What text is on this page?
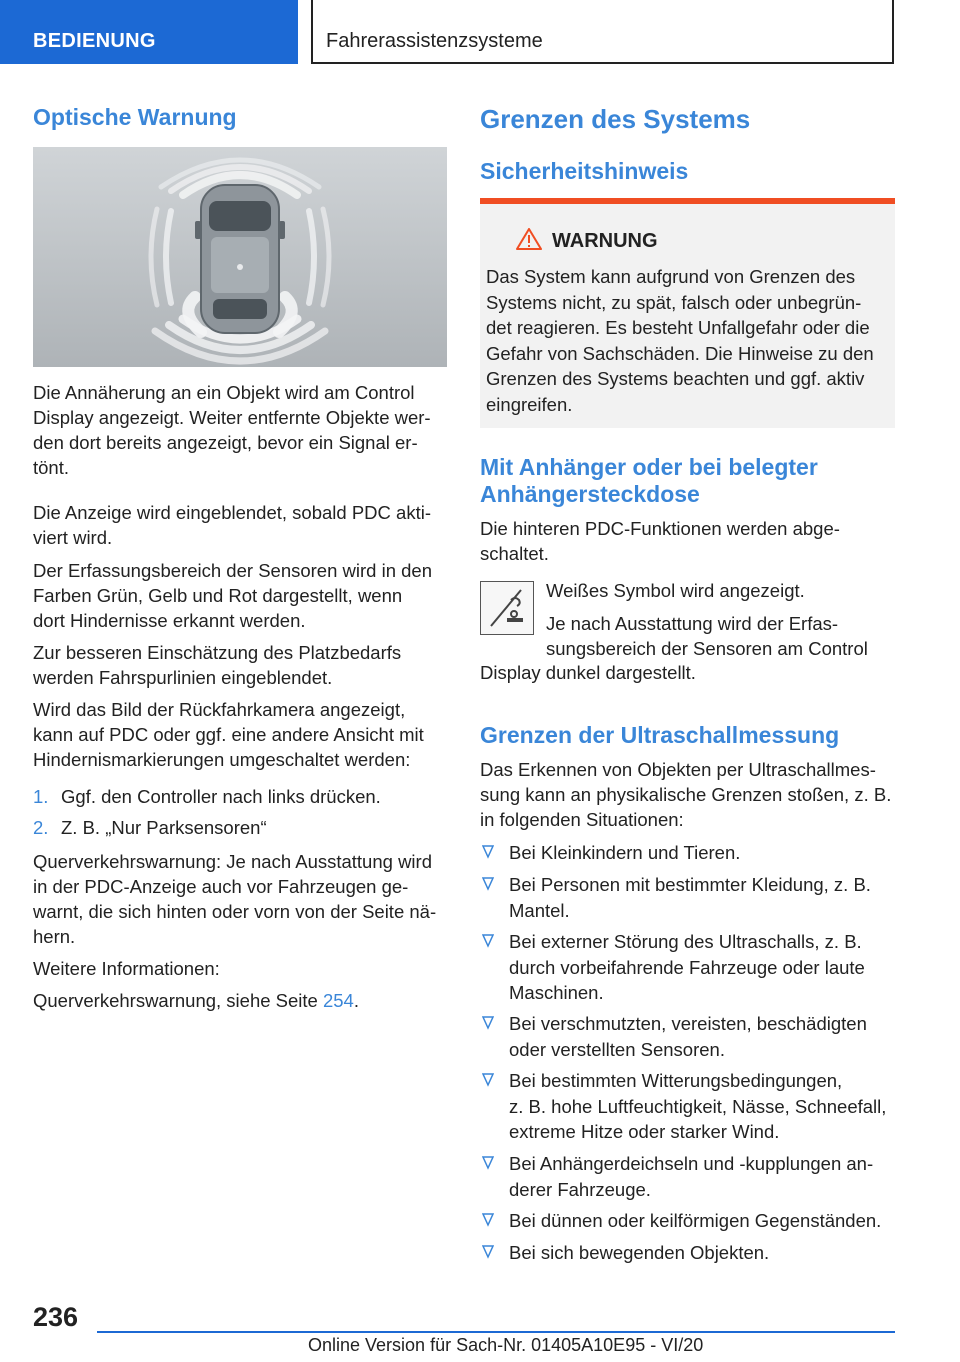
BEDIENUNG	Fahrerassistenzsysteme
Optische Warnung

Die Annäherung an ein Objekt wird am Control

Display angezeigt. Weiter entfernte Objekte wer-

den dort bereits angezeigt, bevor ein Signal er-

tönt.

Die Anzeige wird eingeblendet, sobald PDC akti-

viert wird.

Der Erfassungsbereich der Sensoren wird in den

Farben Grün, Gelb und Rot dargestellt, wenn

dort Hindernisse erkannt werden.

Zur besseren Einschätzung des Platzbedarfs

werden Fahrspurlinien eingeblendet.

Wird das Bild der Rückfahrkamera angezeigt,

kann auf PDC oder ggf. eine andere Ansicht mit

Hindernismarkierungen umgeschaltet werden:

1. Ggf. den Controller nach links drücken.
2. Z. B. „Nur Parksensoren“

Querverkehrswarnung: Je nach Ausstattung wird

in der PDC-Anzeige auch vor Fahrzeugen ge-

warnt, die sich hinten oder vorn von der Seite nä-

hern.

Weitere Informationen:

Querverkehrswarnung, siehe Seite 254.

Grenzen des Systems
Sicherheitshinweis
WARNUNG
Das System kann aufgrund von Grenzen des
Systems nicht, zu spät, falsch oder unbegrün-
det reagieren. Es besteht Unfallgefahr oder die
Gefahr von Sachschäden. Die Hinweise zu den
Grenzen des Systems beachten und ggf. aktiv
eingreifen.
Mit Anhänger oder bei belegter
Anhängersteckdose

Die hinteren PDC-Funktionen werden abge-

schaltet.

Weißes Symbol wird angezeigt.

Je nach Ausstattung wird der Erfas-

sungsbereich der Sensoren am Control

Display dunkel dargestellt.

Grenzen der Ultraschallmessung

Das Erkennen von Objekten per Ultraschallmes-

sung kann an physikalische Grenzen stoßen, z. B.

in folgenden Situationen:

Bei Kleinkindern und Tieren.
Bei Personen mit bestimmter Kleidung, z. B.
Mantel.
Bei externer Störung des Ultraschalls, z. B.
durch vorbeifahrende Fahrzeuge oder laute
Maschinen.
Bei verschmutzten, vereisten, beschädigten
oder verstellten Sensoren.
Bei bestimmten Witterungsbedingungen,
z. B. hohe Luftfeuchtigkeit, Nässe, Schneefall,
extreme Hitze oder starker Wind.
Bei Anhängerdeichseln und -kupplungen an-
derer Fahrzeuge.
Bei dünnen oder keilförmigen Gegenständen.
Bei sich bewegenden Objekten.
236
Online Version für Sach-Nr. 01405A10E95 - VI/20
